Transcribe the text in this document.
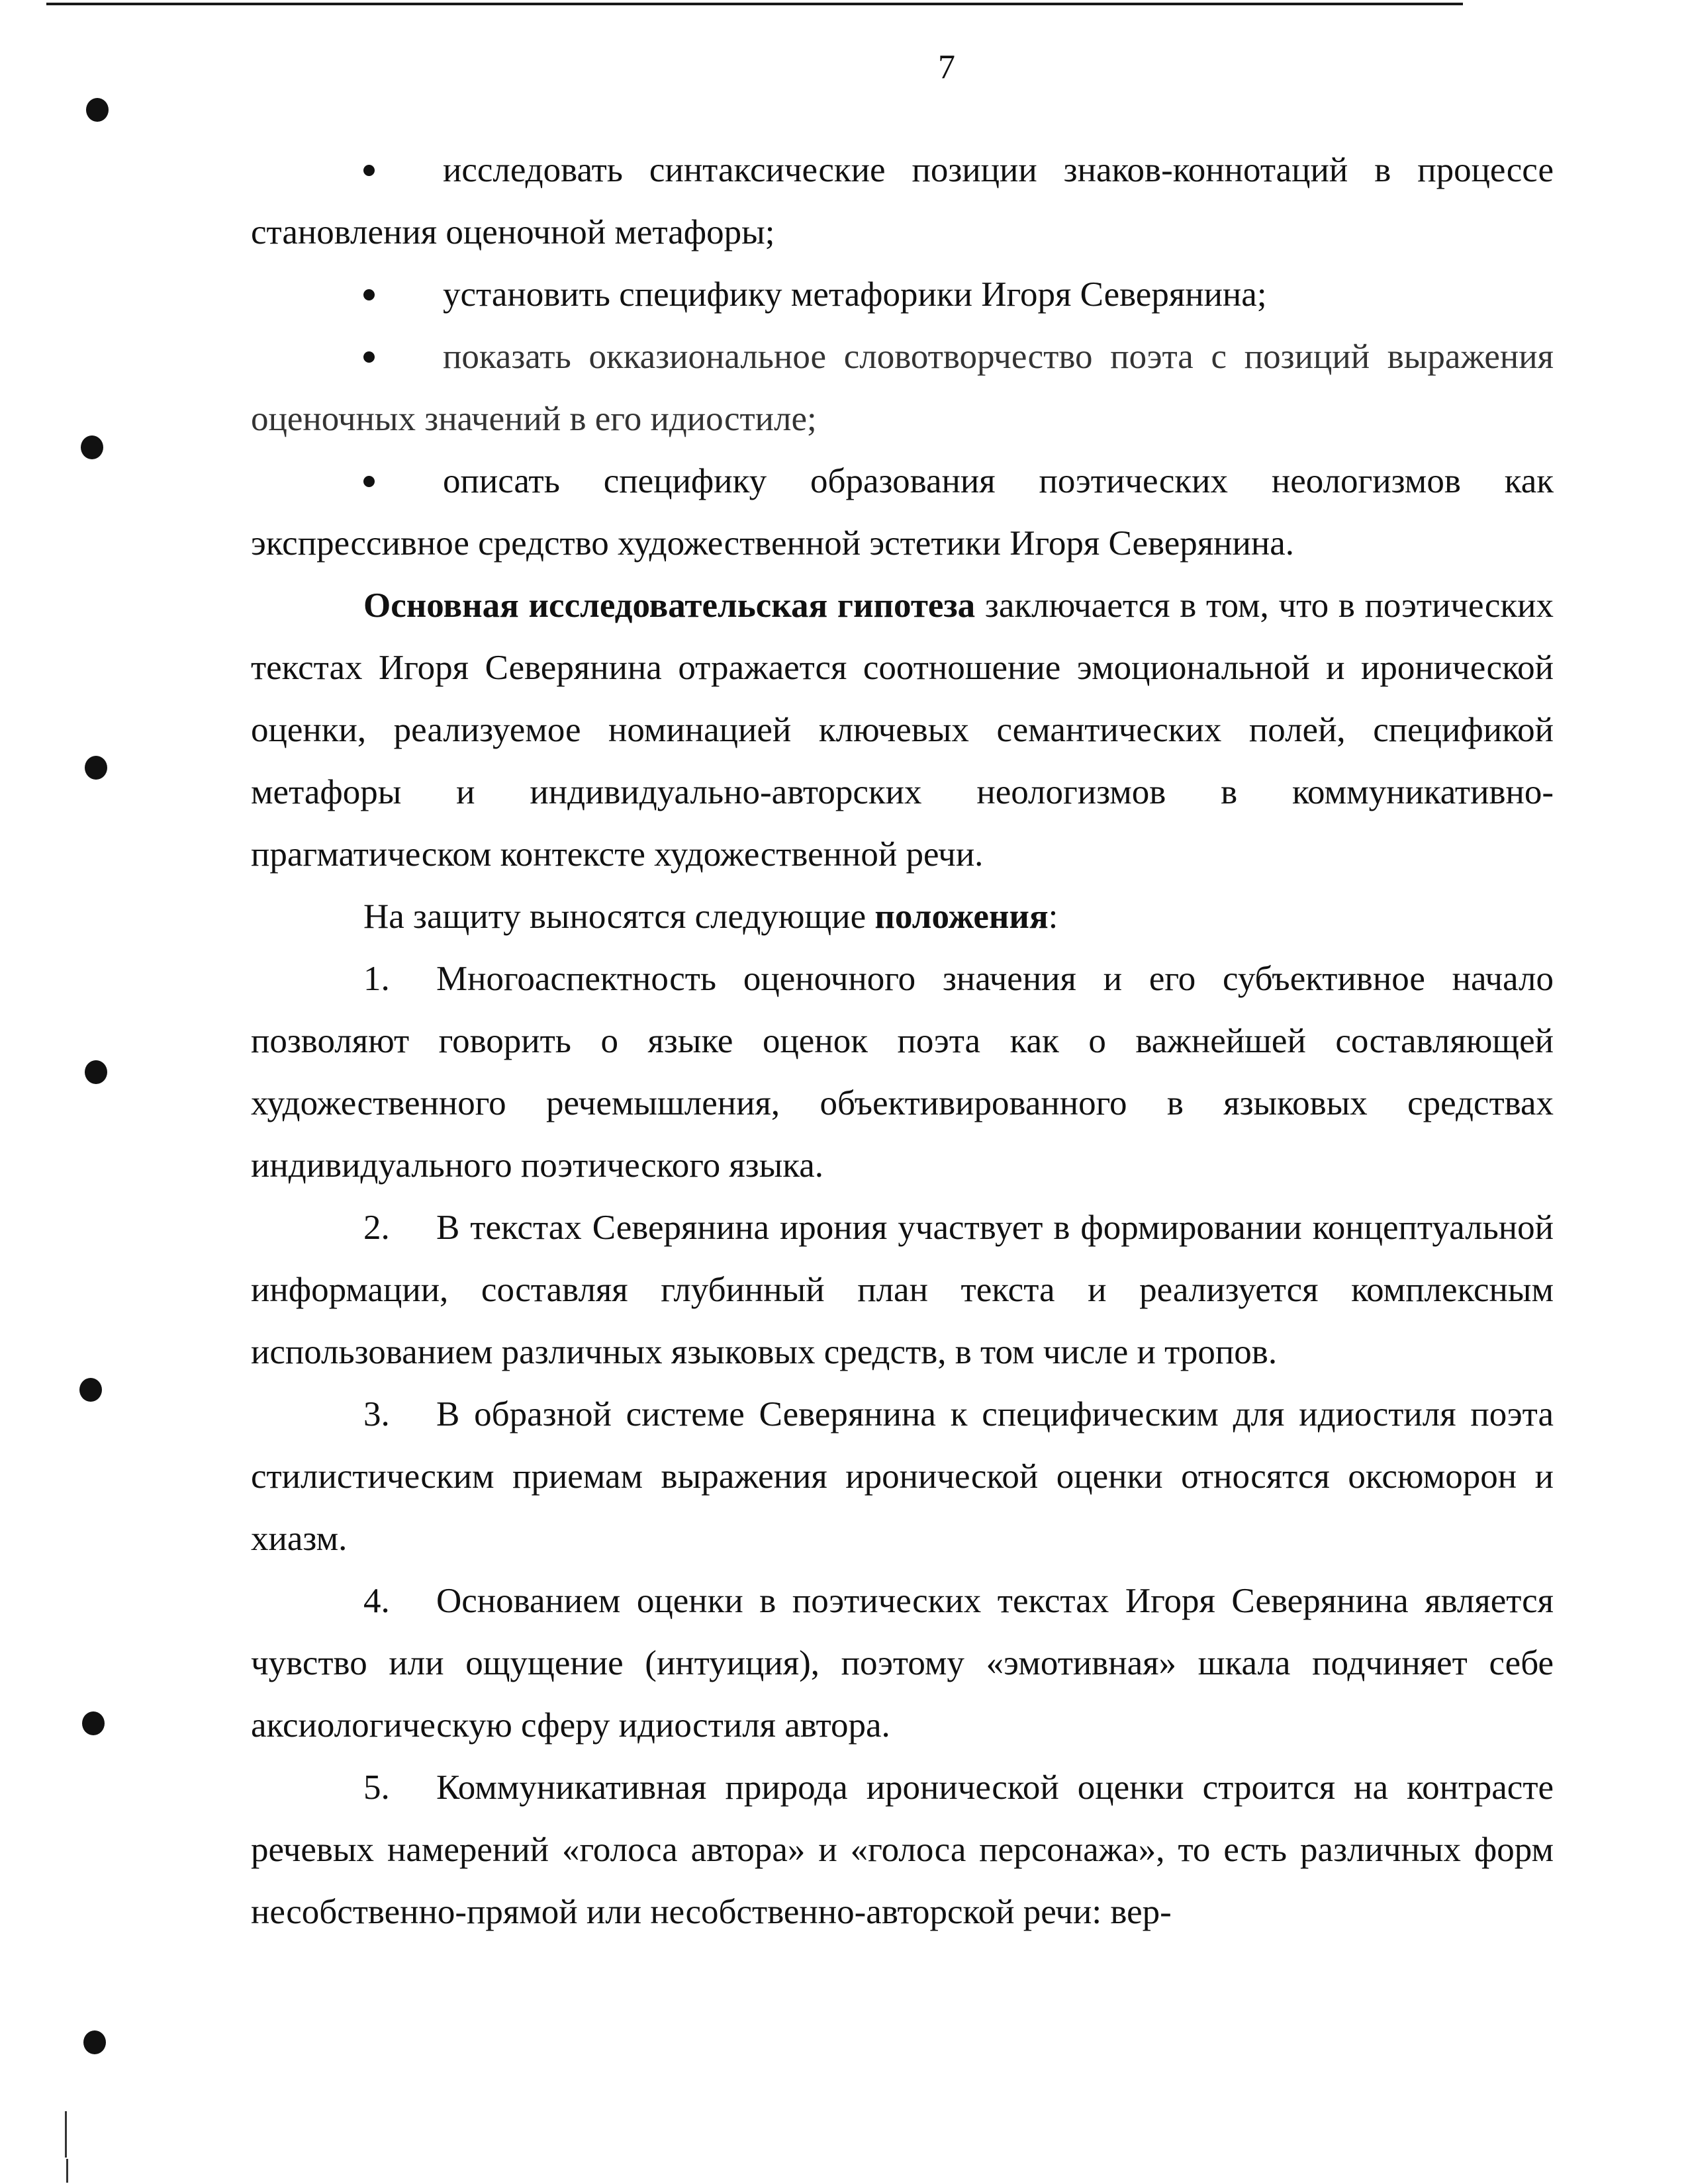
7

исследовать синтаксические позиции знаков-коннотаций в процессе становления оценочной метафоры;

установить специфику метафорики Игоря Северянина;

показать окказиональное словотворчество поэта с позиций выражения оценочных значений в его идиостиле;

описать специфику образования поэтических неологизмов как экспрессивное средство художественной эстетики Игоря Северянина.

Основная исследовательская гипотеза заключается в том, что в поэтических текстах Игоря Северянина отражается соотношение эмоциональной и иронической оценки, реализуемое номинацией ключевых семантических полей, спецификой метафоры и индивидуально-авторских неологизмов в коммуникативно-прагматическом контексте художественной речи.

На защиту выносятся следующие положения:

1. Многоаспектность оценочного значения и его субъективное начало позволяют говорить о языке оценок поэта как о важнейшей составляющей художественного речемышления, объективированного в языковых средствах индивидуального поэтического языка.

2. В текстах Северянина ирония участвует в формировании концептуальной информации, составляя глубинный план текста и реализуется комплексным использованием различных языковых средств, в том числе и тропов.

3. В образной системе Северянина к специфическим для идиостиля поэта стилистическим приемам выражения иронической оценки относятся оксюморон и хиазм.

4. Основанием оценки в поэтических текстах Игоря Северянина является чувство или ощущение (интуиция), поэтому «эмотивная» шкала подчиняет себе аксиологическую сферу идиостиля автора.

5. Коммуникативная природа иронической оценки строится на контрасте речевых намерений «голоса автора» и «голоса персонажа», то есть различных форм несобственно-прямой или несобственно-авторской речи: вер-
